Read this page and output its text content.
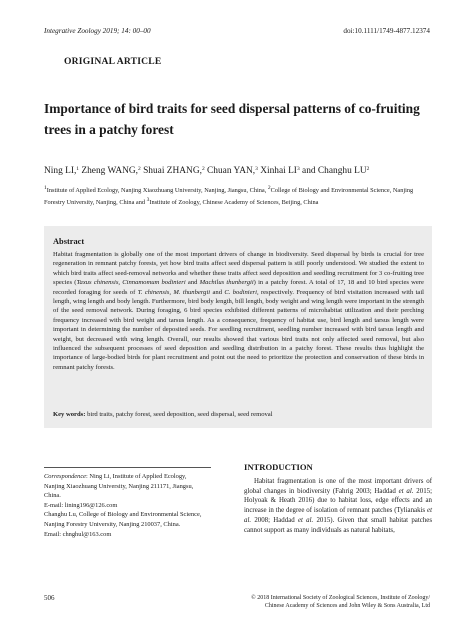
Integrative Zoology 2019; 14: 00–00	doi:10.1111/1749-4877.12374
ORIGINAL ARTICLE
Importance of bird traits for seed dispersal patterns of co-fruiting trees in a patchy forest
Ning LI,$^1$ Zheng WANG,$^2$ Shuai ZHANG,$^2$ Chuan YAN,$^3$ Xinhai $LI^3$ and Changhu $LU^2$
$^1$Institute of Applied Ecology, Nanjing Xiaozhuang University, Nanjing, Jiangsu, China, $^2$College of Biology and Environmental Science, Nanjing Forestry University, Nanjing, China and $^3$Institute of Zoology, Chinese Academy of Sciences, Beijing, China
Abstract
Habitat fragmentation is globally one of the most important drivers of change in biodiversity. Seed dispersal by birds is crucial for tree regeneration in remnant patchy forests, yet how bird traits affect seed dispersal pattern is still poorly understood. We studied the extent to which bird traits affect seed-removal networks and whether these traits affect seed deposition and seedling recruitment for 3 co-fruiting tree species (Taxus chinensis, Cinnamomum bodinieri and Machilus thunbergii) in a patchy forest. A total of 17, 18 and 10 bird species were recorded foraging for seeds of T. chinensis, M. thunbergii and C. bodinieri, respectively. Frequency of bird visitation increased with tail length, wing length and body length. Furthermore, bird body length, bill length, body weight and wing length were important in the strength of the seed removal network. During foraging, 6 bird species exhibited different patterns of microhabitat utilization and their perching frequency increased with bird weight and tarsus length. As a consequence, frequency of habitat use, bird length and tarsus length were important in determining the number of deposited seeds. For seedling recruitment, seedling number increased with bird tarsus length and weight, but decreased with wing length. Overall, our results showed that various bird traits not only affected seed removal, but also influenced the subsequent processes of seed deposition and seedling distribution in a patchy forest. These results thus highlight the importance of large-bodied birds for plant recruitment and point out the need to prioritize the protection and conservation of these birds in remnant patchy forests.
Key words: bird traits, patchy forest, seed deposition, seed dispersal, seed removal
Correspondence: Ning Li, Institute of Applied Ecology,
Nanjing Xiaozhuang University, Nanjing 211171, Jiangsu,
China.
E-mail: lining196@126.com
Changhu Lu, College of Biology and Environmental Science,
Nanjing Forestry University, Nanjing 210037, China.
Email: chnghul@163.com
INTRODUCTION
Habitat fragmentation is one of the most important drivers of global changes in biodiversity (Fahrig 2003; Haddad et al. 2015; Holyoak & Heath 2016) due to habitat loss, edge effects and an increase in the degree of isolation of remnant patches (Tylianakis et al. 2008; Haddad et al. 2015). Given that small habitat patches cannot support as many individuals as natural habitats,
506	© 2018 International Society of Zoological Sciences, Institute of Zoology/
Chinese Academy of Sciences and John Wiley & Sons Australia, Ltd
